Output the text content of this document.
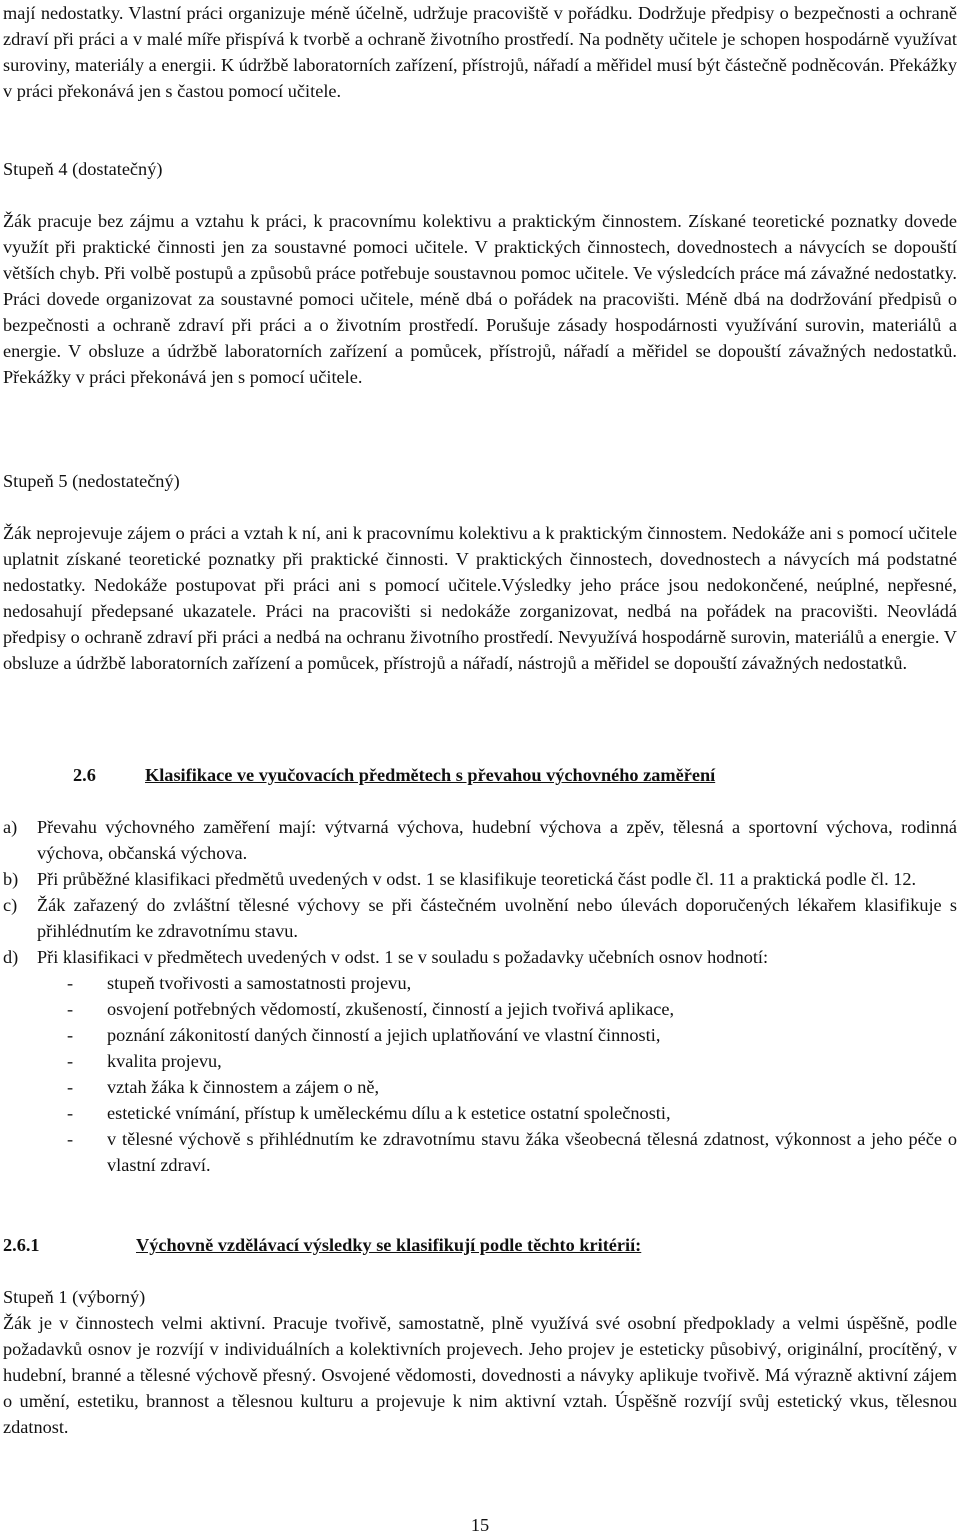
mají nedostatky. Vlastní práci organizuje méně účelně, udržuje pracoviště v pořádku. Dodržuje předpisy o bezpečnosti a ochraně zdraví při práci a v malé míře přispívá k tvorbě a ochraně životního prostředí. Na podněty učitele je schopen hospodárně využívat suroviny, materiály a energii. K údržbě laboratorních zařízení, přístrojů, nářadí a měřidel musí být částečně podněcován. Překážky v práci překonává jen s častou pomocí učitele.

Stupeň 4 (dostatečný)

Žák pracuje bez zájmu a vztahu k práci, k pracovnímu kolektivu a praktickým činnostem. Získané teoretické poznatky dovede využít při praktické činnosti jen za soustavné pomoci učitele. V praktických činnostech, dovednostech a návycích se dopouští větších chyb. Při volbě postupů a způsobů práce potřebuje soustavnou pomoc učitele. Ve výsledcích práce má závažné nedostatky. Práci dovede organizovat za soustavné pomoci učitele, méně dbá o pořádek na pracovišti. Méně dbá na dodržování předpisů o bezpečnosti a ochraně zdraví při práci a o životním prostředí. Porušuje zásady hospodárnosti využívání surovin, materiálů a energie. V obsluze a údržbě laboratorních zařízení a pomůcek, přístrojů, nářadí a měřidel se dopouští závažných nedostatků. Překážky v práci překonává jen s pomocí učitele.

Stupeň 5 (nedostatečný)

Žák neprojevuje zájem o práci a vztah k ní, ani k pracovnímu kolektivu a k praktickým činnostem. Nedokáže ani s pomocí učitele uplatnit získané teoretické poznatky při praktické činnosti. V praktických činnostech, dovednostech a návycích má podstatné nedostatky. Nedokáže postupovat při práci ani s pomocí učitele.Výsledky jeho práce jsou nedokončené, neúplné, nepřesné, nedosahují předepsané ukazatele. Práci na pracovišti si nedokáže zorganizovat, nedbá na pořádek na pracovišti. Neovládá předpisy o ochraně zdraví při práci a nedbá na ochranu životního prostředí. Nevyužívá hospodárně surovin, materiálů a energie. V obsluze a údržbě laboratorních zařízení a pomůcek, přístrojů a nářadí, nástrojů a měřidel se dopouští závažných nedostatků.

2.6	Klasifikace ve vyučovacích předmětech s převahou výchovného zaměření

a) Převahu výchovného zaměření mají: výtvarná výchova, hudební výchova a zpěv, tělesná a sportovní výchova, rodinná výchova, občanská výchova.

b) Při průběžné klasifikaci předmětů uvedených v odst. 1 se klasifikuje teoretická část podle čl. 11 a praktická podle čl. 12.

c) Žák zařazený do zvláštní tělesné výchovy se při částečném uvolnění nebo úlevách doporučených lékařem klasifikuje s přihlédnutím ke zdravotnímu stavu.

d) Při klasifikaci v předmětech uvedených v odst. 1 se v souladu s požadavky učebních osnov hodnotí:

- stupeň tvořivosti a samostatnosti projevu,

- osvojení potřebných vědomostí, zkušeností, činností a jejich tvořivá aplikace,

- poznání zákonitostí daných činností a jejich uplatňování ve vlastní činnosti,

- kvalita projevu,

- vztah žáka k činnostem a zájem o ně,

- estetické vnímání, přístup k uměleckému dílu a k estetice ostatní společnosti,

- v tělesné výchově s přihlédnutím ke zdravotnímu stavu žáka všeobecná tělesná zdatnost, výkonnost a jeho péče o vlastní zdraví.

2.6.1	Výchovně vzdělávací výsledky se klasifikují podle těchto kritérií:

Stupeň 1 (výborný)

Žák je v činnostech velmi aktivní. Pracuje tvořivě, samostatně, plně využívá své osobní předpoklady a velmi úspěšně, podle požadavků osnov je rozvíjí v individuálních a kolektivních projevech. Jeho projev je esteticky působivý, originální, procítěný, v hudební, branné a tělesné výchově přesný. Osvojené vědomosti, dovednosti a návyky aplikuje tvořivě. Má výrazně aktivní zájem o umění, estetiku, brannost a tělesnou kulturu a projevuje k nim aktivní vztah. Úspěšně rozvíjí svůj estetický vkus, tělesnou zdatnost.

15
